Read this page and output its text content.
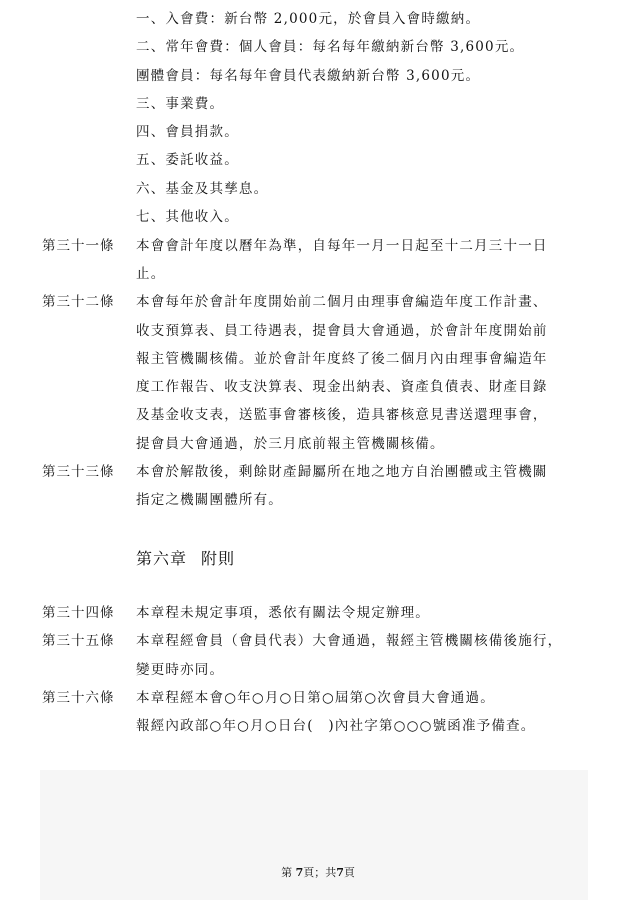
一、入會費：新台幣 2,000元，於會員入會時繳納。
二、常年會費：個人會員：每名每年繳納新台幣 3,600元。
團體會員：每名每年會員代表繳納新台幣 3,600元。
三、事業費。
四、會員捐款。
五、委託收益。
六、基金及其孳息。
七、其他收入。
第三十一條 本會會計年度以曆年為準，自每年一月一日起至十二月三十一日
止。
第三十二條 本會每年於會計年度開始前二個月由理事會編造年度工作計畫、
收支預算表、員工待遇表，提會員大會通過，於會計年度開始前
報主管機關核備。並於會計年度終了後二個月內由理事會編造年
度工作報告、收支決算表、現金出納表、資產負債表、財產目錄
及基金收支表，送監事會審核後，造具審核意見書送還理事會，
提會員大會通過，於三月底前報主管機關核備。
第三十三條 本會於解散後，剩餘財產歸屬所在地之地方自治團體或主管機關
指定之機關團體所有。
第六章 附則
第三十四條 本章程未規定事項，悉依有關法令規定辦理。
第三十五條 本章程經會員（會員代表）大會通過，報經主管機關核備後施行，
變更時亦同。
第三十六條 本章程經本會○年○月○日第○屆第○次會員大會通過。
報經內政部○年○月○日台(　)內社字第○○○號函准予備查。
第 7頁；共7頁
